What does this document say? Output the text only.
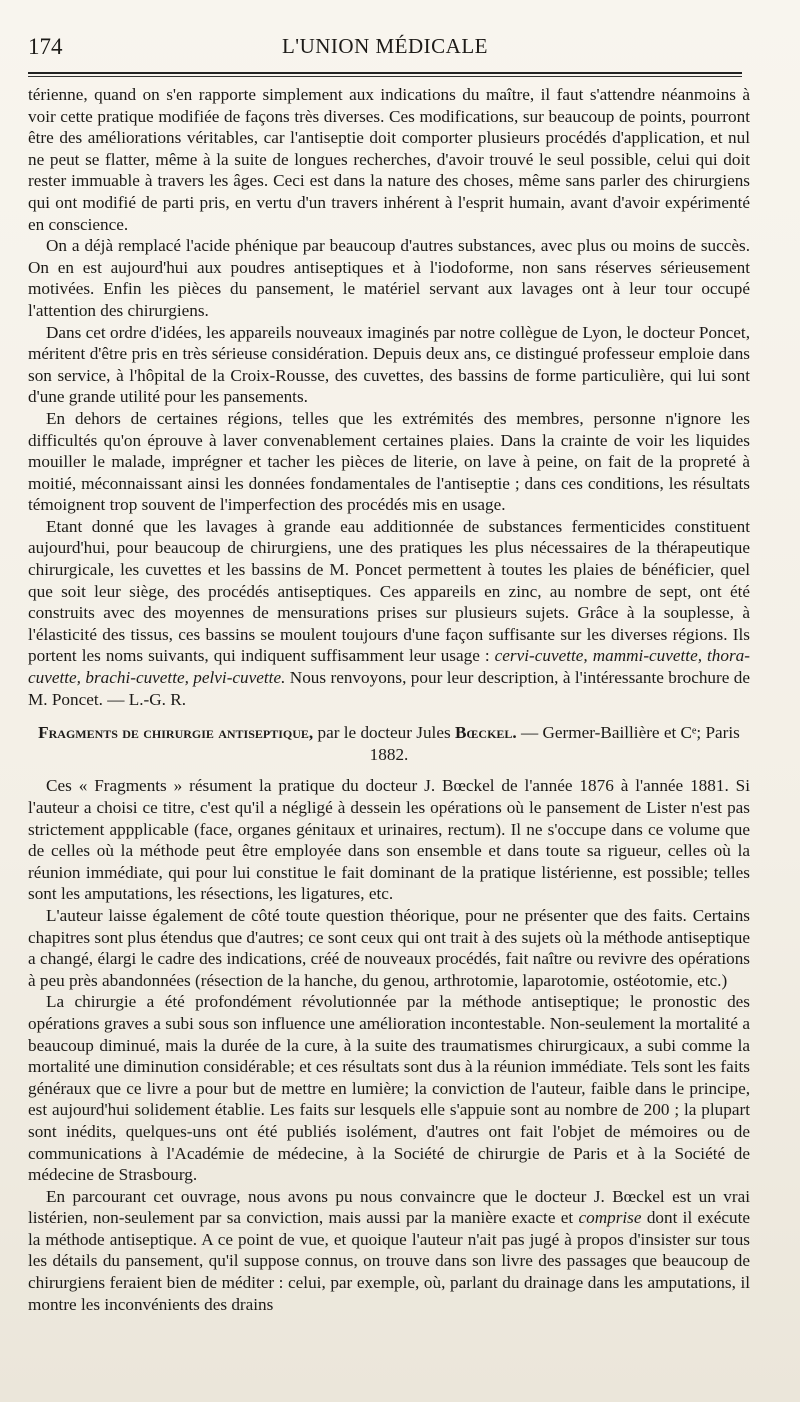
174	L'UNION MÉDICALE

térienne, quand on s'en rapporte simplement aux indications du maître, il faut s'attendre néanmoins à voir cette pratique modifiée de façons très diverses. Ces modifications, sur beaucoup de points, pourront être des améliorations véritables, car l'antiseptie doit comporter plusieurs procédés d'application, et nul ne peut se flatter, même à la suite de longues recherches, d'avoir trouvé le seul possible, celui qui doit rester immuable à travers les âges. Ceci est dans la nature des choses, même sans parler des chirurgiens qui ont modifié de parti pris, en vertu d'un travers inhérent à l'esprit humain, avant d'avoir expérimenté en conscience.

On a déjà remplacé l'acide phénique par beaucoup d'autres substances, avec plus ou moins de succès. On en est aujourd'hui aux poudres antiseptiques et à l'iodoforme, non sans réserves sérieusement motivées. Enfin les pièces du pansement, le matériel servant aux lavages ont à leur tour occupé l'attention des chirurgiens.

Dans cet ordre d'idées, les appareils nouveaux imaginés par notre collègue de Lyon, le docteur Poncet, méritent d'être pris en très sérieuse considération. Depuis deux ans, ce distingué professeur emploie dans son service, à l'hôpital de la Croix-Rousse, des cuvettes, des bassins de forme particulière, qui lui sont d'une grande utilité pour les pansements.

En dehors de certaines régions, telles que les extrémités des membres, personne n'ignore les difficultés qu'on éprouve à laver convenablement certaines plaies. Dans la crainte de voir les liquides mouiller le malade, imprégner et tacher les pièces de literie, on lave à peine, on fait de la propreté à moitié, méconnaissant ainsi les données fondamentales de l'antiseptie ; dans ces conditions, les résultats témoignent trop souvent de l'imperfection des procédés mis en usage.

Etant donné que les lavages à grande eau additionnée de substances fermenticides constituent aujourd'hui, pour beaucoup de chirurgiens, une des pratiques les plus nécessaires de la thérapeutique chirurgicale, les cuvettes et les bassins de M. Poncet permettent à toutes les plaies de bénéficier, quel que soit leur siège, des procédés antiseptiques. Ces appareils en zinc, au nombre de sept, ont été construits avec des moyennes de mensurations prises sur plusieurs sujets. Grâce à la souplesse, à l'élasticité des tissus, ces bassins se moulent toujours d'une façon suffisante sur les diverses régions. Ils portent les noms suivants, qui indiquent suffisamment leur usage : cervi-cuvette, mammi-cuvette, thora-cuvette, brachi-cuvette, pelvi-cuvette. Nous renvoyons, pour leur description, à l'intéressante brochure de M. Poncet. — L.-G. R.

Fragments de chirurgie antiseptique, par le docteur Jules Bœckel. — Germer-Baillière et Cᵉ; Paris 1882.

Ces « Fragments » résument la pratique du docteur J. Bœckel de l'année 1876 à l'année 1881. Si l'auteur a choisi ce titre, c'est qu'il a négligé à dessein les opérations où le pansement de Lister n'est pas strictement appplicable (face, organes génitaux et urinaires, rectum). Il ne s'occupe dans ce volume que de celles où la méthode peut être employée dans son ensemble et dans toute sa rigueur, celles où la réunion immédiate, qui pour lui constitue le fait dominant de la pratique listérienne, est possible; telles sont les amputations, les résections, les ligatures, etc.

L'auteur laisse également de côté toute question théorique, pour ne présenter que des faits. Certains chapitres sont plus étendus que d'autres; ce sont ceux qui ont trait à des sujets où la méthode antiseptique a changé, élargi le cadre des indications, créé de nouveaux procédés, fait naître ou revivre des opérations à peu près abandonnées (résection de la hanche, du genou, arthrotomie, laparotomie, ostéotomie, etc.)

La chirurgie a été profondément révolutionnée par la méthode antiseptique; le pronostic des opérations graves a subi sous son influence une amélioration incontestable. Non-seulement la mortalité a beaucoup diminué, mais la durée de la cure, à la suite des traumatismes chirurgicaux, a subi comme la mortalité une diminution considérable; et ces résultats sont dus à la réunion immédiate. Tels sont les faits généraux que ce livre a pour but de mettre en lumière; la conviction de l'auteur, faible dans le principe, est aujourd'hui solidement établie. Les faits sur lesquels elle s'appuie sont au nombre de 200 ; la plupart sont inédits, quelques-uns ont été publiés isolément, d'autres ont fait l'objet de mémoires ou de communications à l'Académie de médecine, à la Société de chirurgie de Paris et à la Société de médecine de Strasbourg.

En parcourant cet ouvrage, nous avons pu nous convaincre que le docteur J. Bœckel est un vrai listérien, non-seulement par sa conviction, mais aussi par la manière exacte et comprise dont il exécute la méthode antiseptique. A ce point de vue, et quoique l'auteur n'ait pas jugé à propos d'insister sur tous les détails du pansement, qu'il suppose connus, on trouve dans son livre des passages que beaucoup de chirurgiens feraient bien de méditer : celui, par exemple, où, parlant du drainage dans les amputations, il montre les inconvénients des drains
